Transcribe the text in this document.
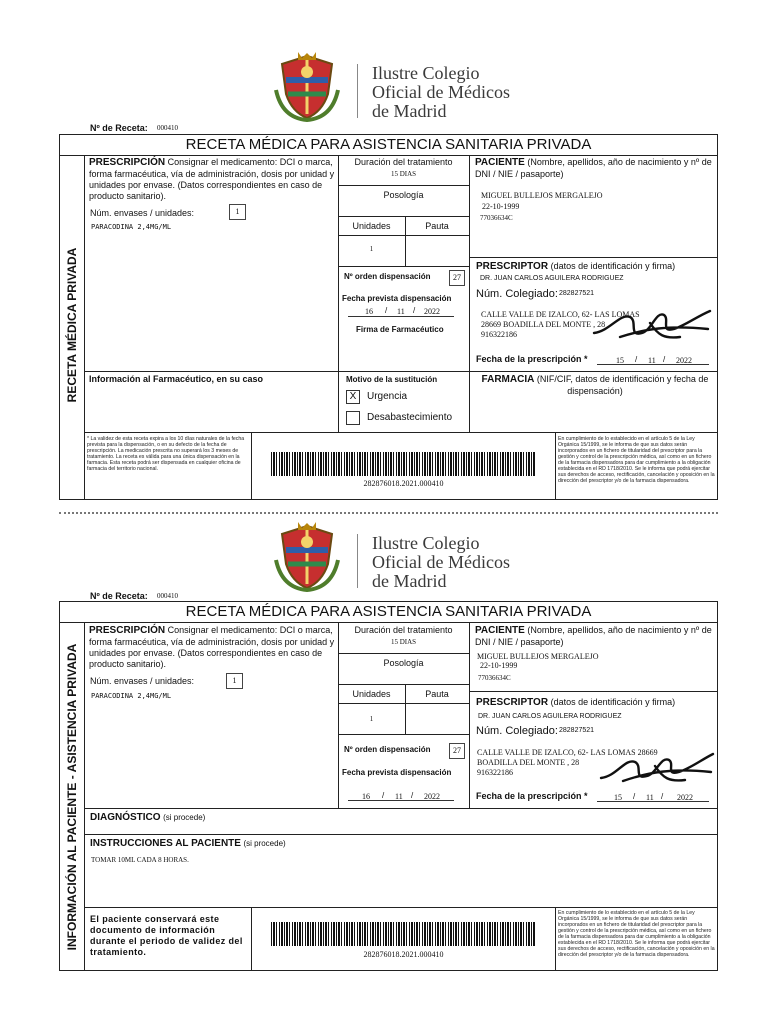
Ilustre Colegio
Oficial de Médicos
de Madrid
Nº de Receta: 000410
RECETA MÉDICA PARA ASISTENCIA SANITARIA PRIVADA
RECETA MÉDICA PRIVADA
PRESCRIPCIÓN Consignar el medicamento: DCI o marca, forma farmacéutica, vía de administración, dosis por unidad y unidades por envase. (Datos correspondientes en caso de producto sanitario).
Núm. envases / unidades:	1
PARACODINA 2,4MG/ML
Duración del tratamiento
15 DIAS
Posología
Unidades	Pauta
1
Nº orden dispensación	27
Fecha prevista dispensación
16 / 11 / 2022
Firma de Farmacéutico
PACIENTE (Nombre, apellidos, año de nacimiento y nº de DNI / NIE / pasaporte)
MIGUEL BULLEJOS MERGALEJO
22-10-1999
77036634C
PRESCRIPTOR (datos de identificación y firma)
DR. JUAN CARLOS AGUILERA RODRIGUEZ
Núm. Colegiado: 282827521
CALLE VALLE DE IZALCO, 62- LAS LOMAS
28669 BOADILLA DEL MONTE , 28
916322186
Fecha de la prescripción *	15 / 11 / 2022
Información al Farmacéutico, en su caso	Motivo de la sustitución
X	Urgencia
Desabastecimiento
FARMACIA (NIF/CIF, datos de identificación y fecha de dispensación)
* La validez de esta receta expira a los 10 días naturales de la fecha prevista para la dispensación, o en su defecto de la fecha de prescripción. La medicación prescrita no superará los 3 meses de tratamiento. La receta es válida para una única dispensación en la farmacia. Esta receta podrá ser dispensada en cualquier oficina de farmacia del territorio nacional.
282876018.2021.000410
En cumplimiento de lo establecido en el artículo 5 de la Ley Orgánica 15/1999, se le informa de que sus datos serán incorporados en un fichero de titularidad del prescriptor para la gestión y control de la prescripción médica, así como en un fichero de la farmacia dispensadora para dar cumplimiento a la obligación establecida en el RD 1718/2010. Se le informa que podrá ejercitar sus derechos de acceso, rectificación, cancelación y oposición en la dirección del prescriptor y/o de la farmacia dispensadora.
Ilustre Colegio
Oficial de Médicos
de Madrid
Nº de Receta: 000410
RECETA MÉDICA PARA ASISTENCIA SANITARIA PRIVADA
INFORMACIÓN AL PACIENTE - ASISTENCIA PRIVADA
PRESCRIPCIÓN Consignar el medicamento: DCI o marca, forma farmacéutica, vía de administración, dosis por unidad y unidades por envase. (Datos correspondientes en caso de producto sanitario).
Núm. envases / unidades:	1
PARACODINA 2,4MG/ML
Duración del tratamiento
15 DIAS
Posología
Unidades	Pauta
1
Nº orden dispensación	27
Fecha prevista dispensación
16 / 11 / 2022
PACIENTE (Nombre, apellidos, año de nacimiento y nº de DNI / NIE / pasaporte)
MIGUEL BULLEJOS MERGALEJO
22-10-1999
77036634C
PRESCRIPTOR (datos de identificación y firma)
DR. JUAN CARLOS AGUILERA RODRIGUEZ
Núm. Colegiado: 282827521
CALLE VALLE DE IZALCO, 62- LAS LOMAS 28669
BOADILLA DEL MONTE , 28
916322186
Fecha de la prescripción *	15 / 11 / 2022
DIAGNÓSTICO (si procede)
INSTRUCCIONES AL PACIENTE (si procede)
TOMAR 10ML CADA 8 HORAS.
El paciente conservará este documento de información durante el periodo de validez del tratamiento.	282876018.2021.000410
En cumplimiento de lo establecido en el artículo 5 de la Ley Orgánica 15/1999, se le informa de que sus datos serán incorporados en un fichero de titularidad del prescriptor para la gestión y control de la prescripción médica, así como en un fichero de la farmacia dispensadora para dar cumplimiento a la obligación establecida en el RD 1718/2010. Se le informa que podrá ejercitar sus derechos de acceso, rectificación, cancelación y oposición en la dirección del prescriptor y/o de la farmacia dispensadora.
